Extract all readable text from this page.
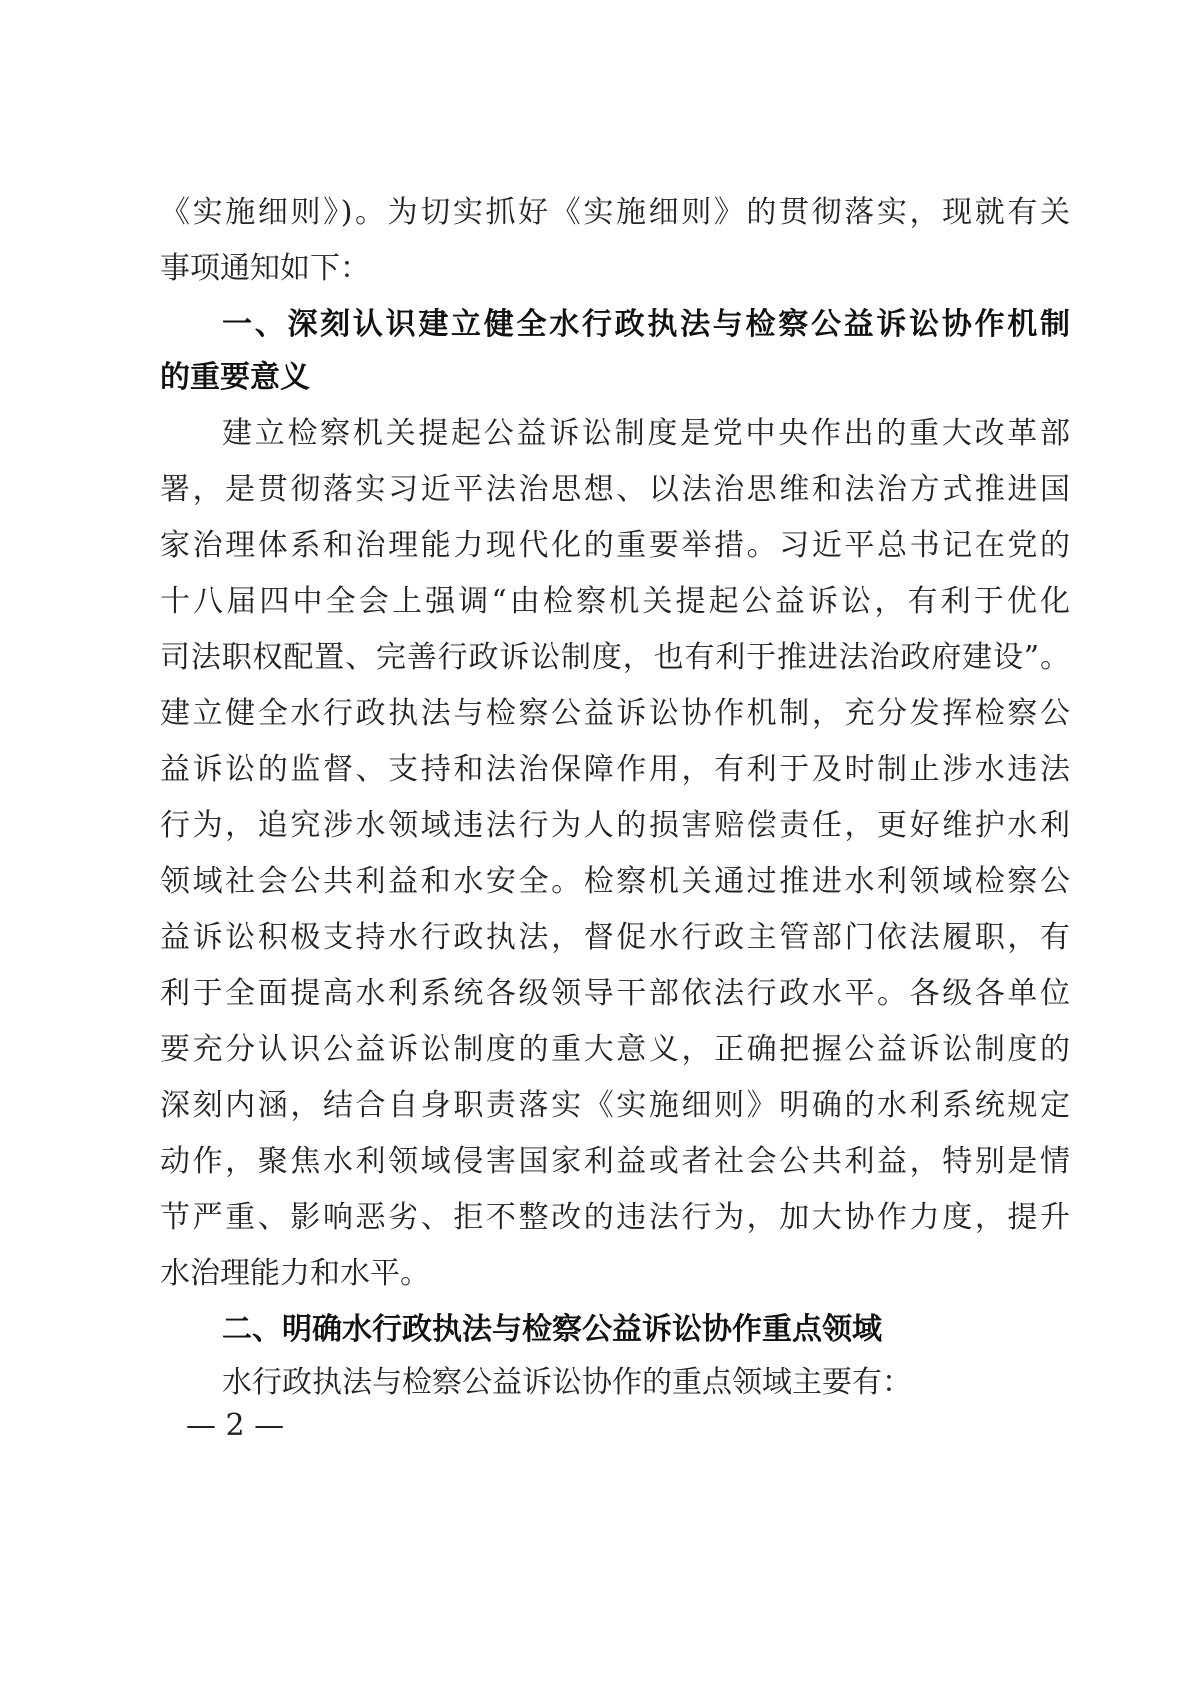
《实施细则》)。为切实抓好《实施细则》的贯彻落实，现就有关
事项通知如下：
一、深刻认识建立健全水行政执法与检察公益诉讼协作机制
的重要意义
建立检察机关提起公益诉讼制度是党中央作出的重大改革部
署，是贯彻落实习近平法治思想、以法治思维和法治方式推进国
家治理体系和治理能力现代化的重要举措。习近平总书记在党的
十八届四中全会上强调“由检察机关提起公益诉讼，有利于优化
司法职权配置、完善行政诉讼制度，也有利于推进法治政府建设”。
建立健全水行政执法与检察公益诉讼协作机制，充分发挥检察公
益诉讼的监督、支持和法治保障作用，有利于及时制止涉水违法
行为，追究涉水领域违法行为人的损害赔偿责任，更好维护水利
领域社会公共利益和水安全。检察机关通过推进水利领域检察公
益诉讼积极支持水行政执法，督促水行政主管部门依法履职，有
利于全面提高水利系统各级领导干部依法行政水平。各级各单位
要充分认识公益诉讼制度的重大意义，正确把握公益诉讼制度的
深刻内涵，结合自身职责落实《实施细则》明确的水利系统规定
动作，聚焦水利领域侵害国家利益或者社会公共利益，特别是情
节严重、影响恶劣、拒不整改的违法行为，加大协作力度，提升
水治理能力和水平。
二、明确水行政执法与检察公益诉讼协作重点领域
水行政执法与检察公益诉讼协作的重点领域主要有：
— 2 —
